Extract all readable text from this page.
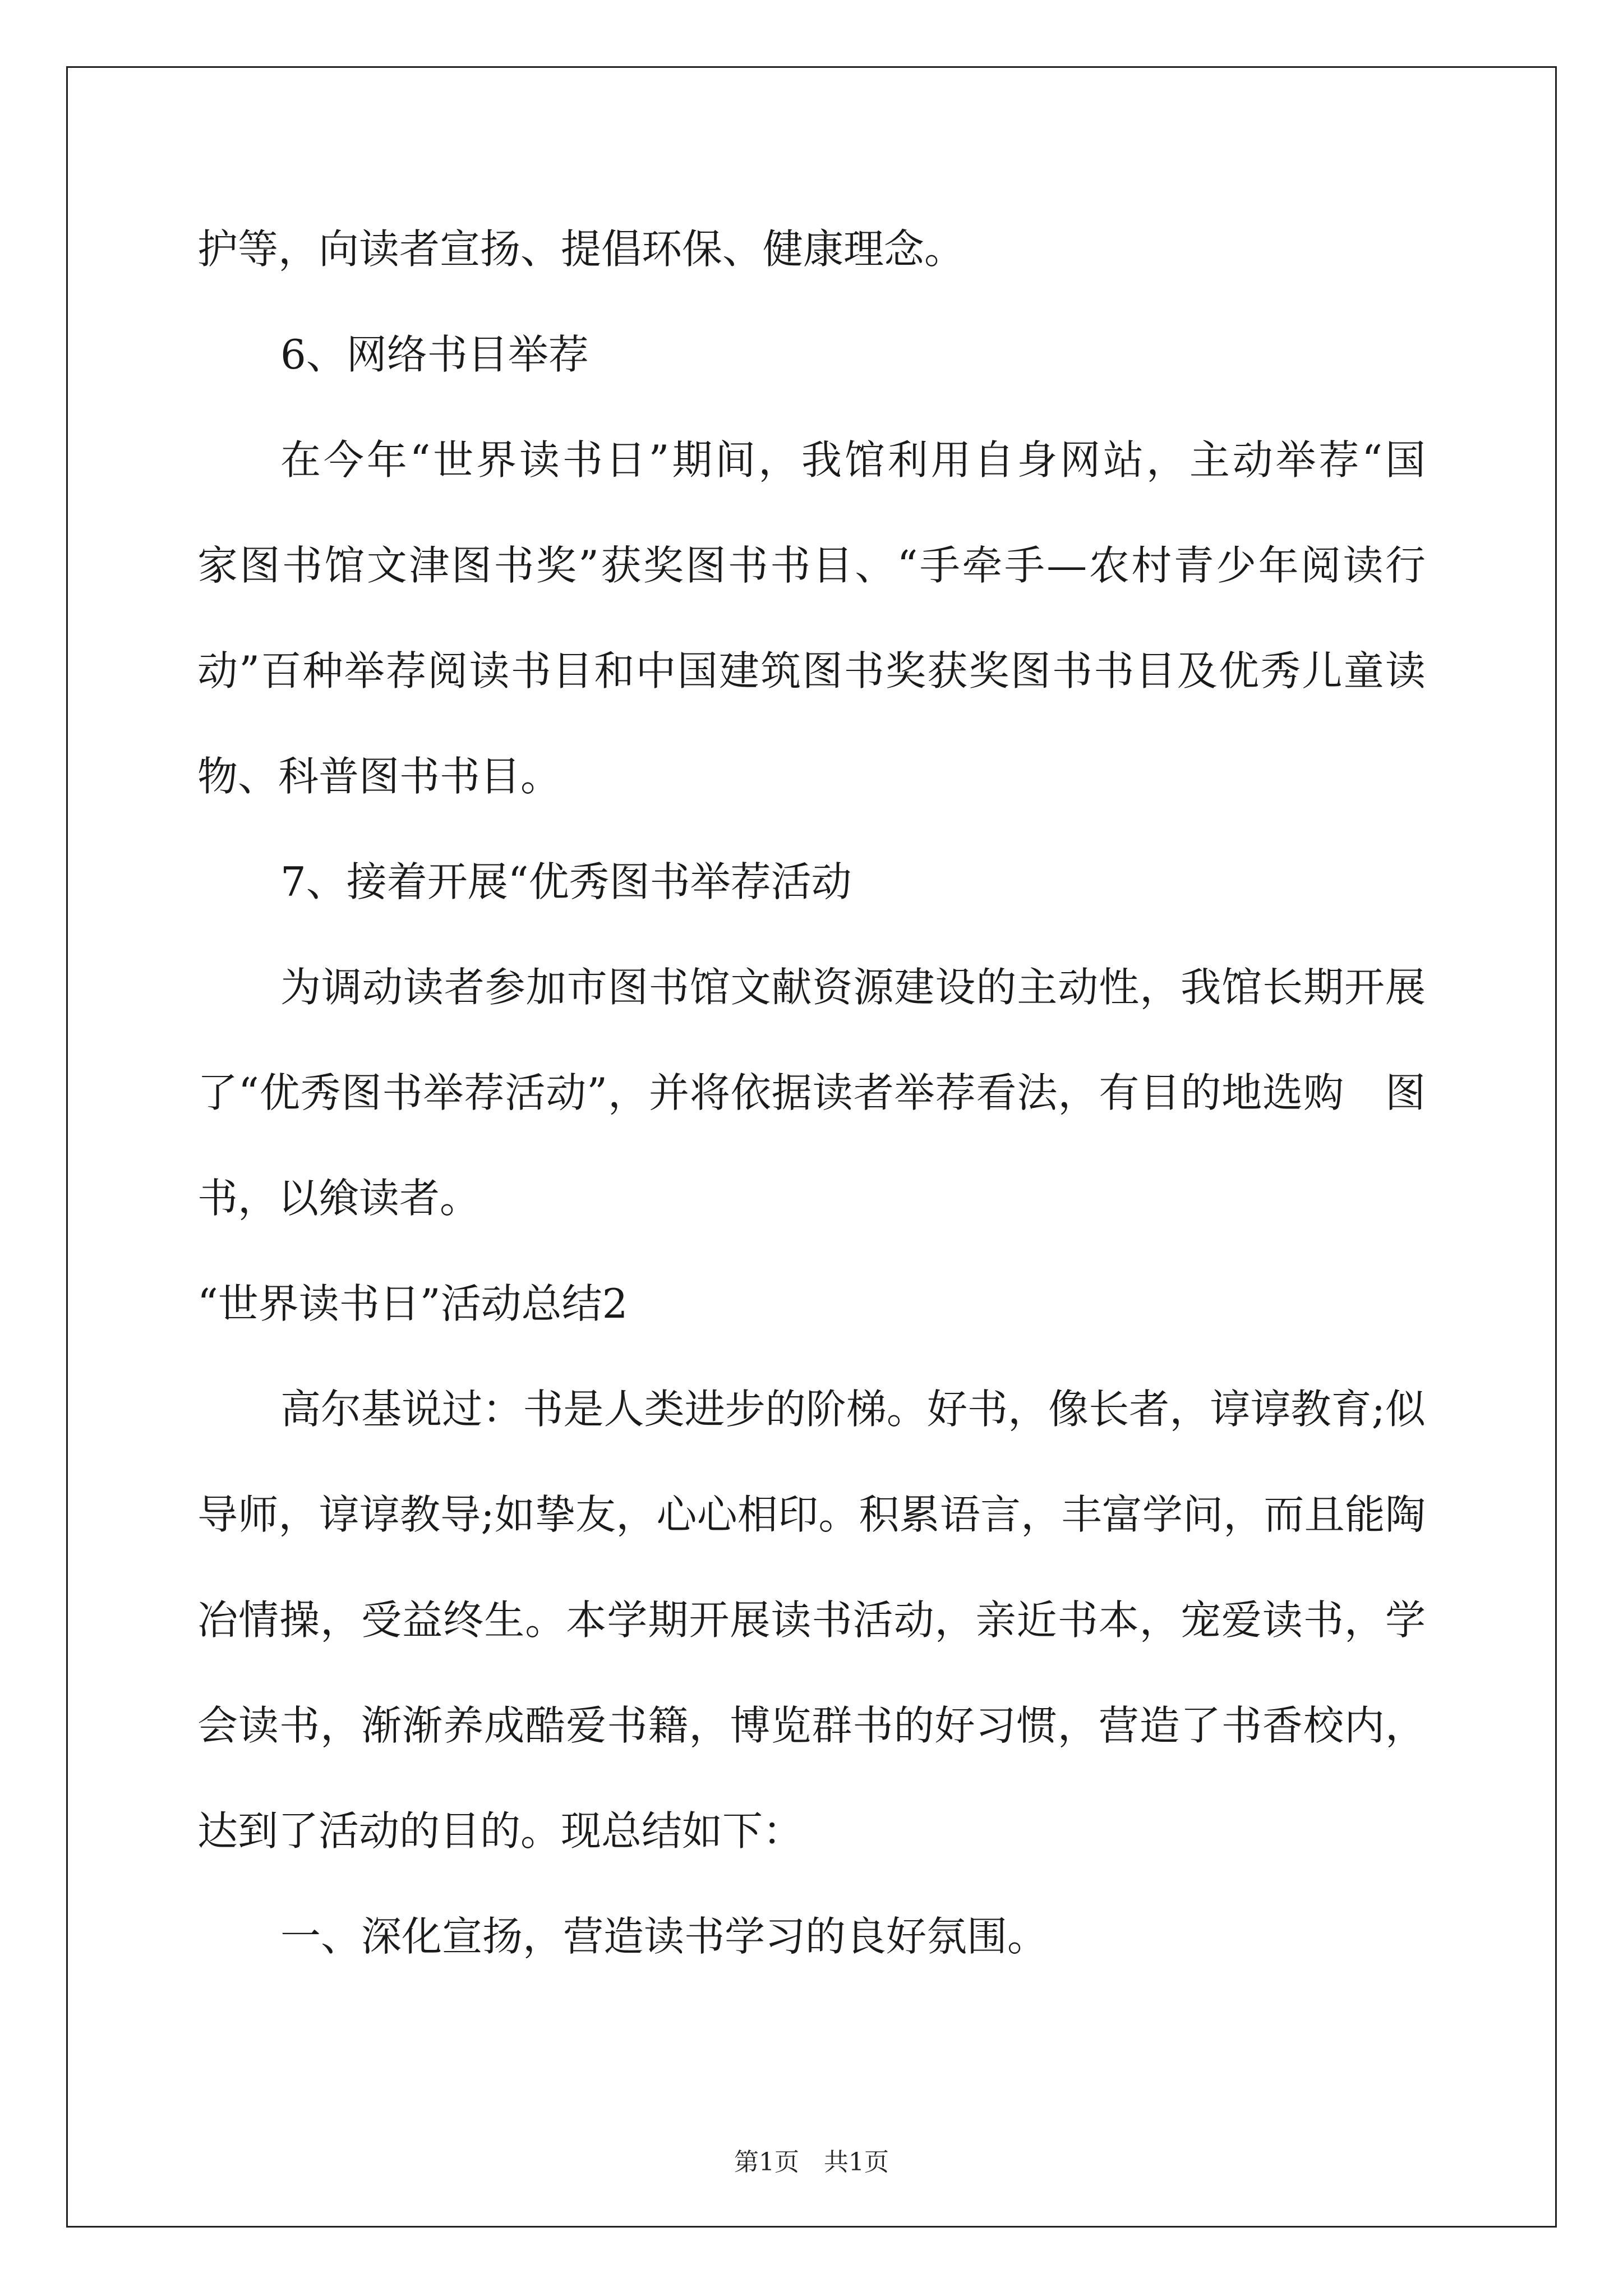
护等，向读者宣扬、提倡环保、健康理念。
6、网络书目举荐
在今年“世界读书日”期间，我馆利用自身网站，主动举荐“国
家图书馆文津图书奖”获奖图书书目、“手牵手—农村青少年阅读行
动”百种举荐阅读书目和中国建筑图书奖获奖图书书目及优秀儿童读
物、科普图书书目。
7、接着开展“优秀图书举荐活动
为调动读者参加市图书馆文献资源建设的主动性，我馆长期开展
了“优秀图书举荐活动”，并将依据读者举荐看法，有目的地选购　图
书，以飨读者。
“世界读书日”活动总结2
高尔基说过：书是人类进步的阶梯。好书，像长者，谆谆教育;似
导师，谆谆教导;如挚友，心心相印。积累语言，丰富学问，而且能陶
冶情操，受益终生。本学期开展读书活动，亲近书本，宠爱读书，学
会读书，渐渐养成酷爱书籍，博览群书的好习惯，营造了书香校内，
达到了活动的目的。现总结如下：
一、深化宣扬，营造读书学习的良好氛围。
第1页　共1页
